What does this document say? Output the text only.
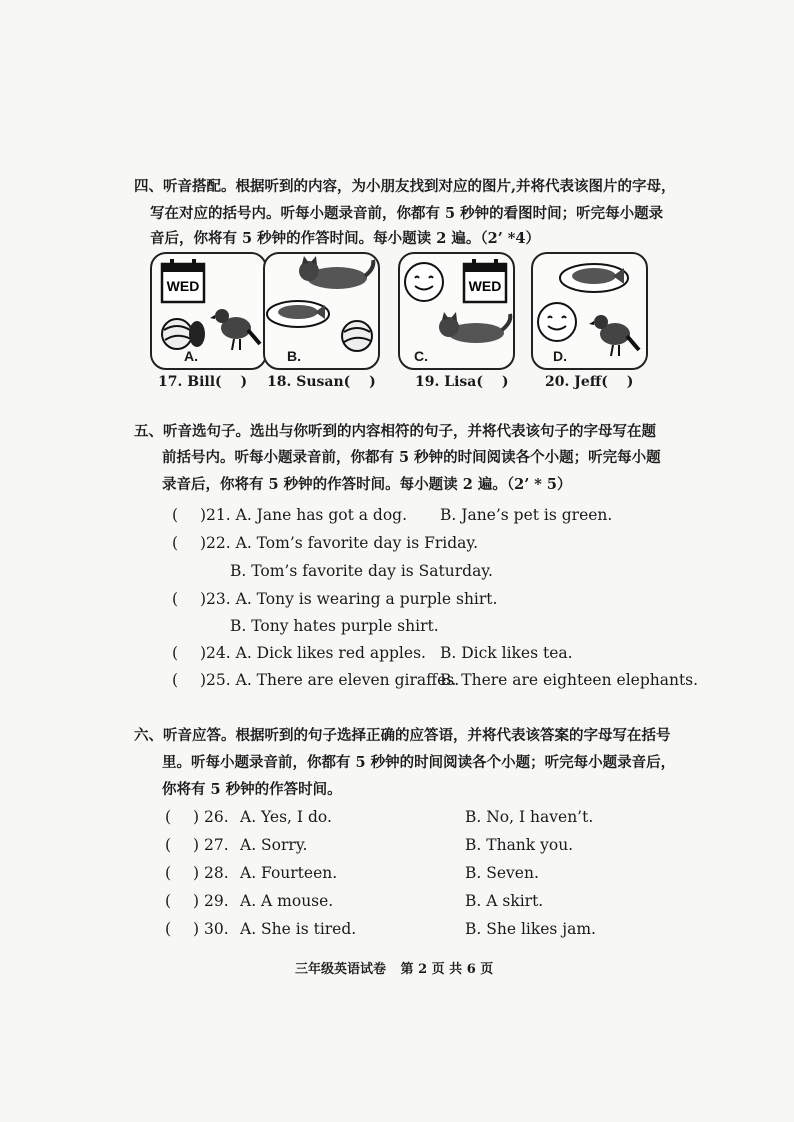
四、听音搭配。根据听到的内容，为小朋友找到对应的图片,并将代表该图片的字母，
写在对应的括号内。听每小题录音前，你都有 5 秒钟的看图时间；听完每小题录
音后，你将有 5 秒钟的作答时间。每小题读 2 遍。（2’ *4）
WED
A.	B.
WED
C.	D.
17. Bill(　 ) 18. Susan(　 )	19. Lisa(　 )	20. Jeff(　 )
五、听音选句子。选出与你听到的内容相符的句子，并将代表该句子的字母写在题
前括号内。听每小题录音前，你都有 5 秒钟的时间阅读各个小题；听完每小题
录音后，你将有 5 秒钟的作答时间。每小题读 2 遍。（2’ * 5）
( )21. A. Jane has got a dog. B. Jane’s pet is green.
( )22. A. Tom’s favorite day is Friday.
B. Tom’s favorite day is Saturday.
( )23. A. Tony is wearing a purple shirt.
B. Tony hates purple shirt.
( )24. A. Dick likes red apples. B. Dick likes tea.
( )25. A. There are eleven giraffes.
B. There are eighteen elephants.
六、听音应答。根据听到的句子选择正确的应答语，并将代表该答案的字母写在括号
里。听每小题录音前，你都有 5 秒钟的时间阅读各个小题；听完每小题录音后，
你将有 5 秒钟的作答时间。
( ) 26. A. Yes, I do.	B. No, I haven’t.
( ) 27. A. Sorry.	B. Thank you.
( ) 28. A. Fourteen.	B. Seven.
( ) 29. A. A mouse.	B. A skirt.
( ) 30. A. She is tired.	B. She likes jam.
三年级英语试卷 第 2 页 共 6 页
